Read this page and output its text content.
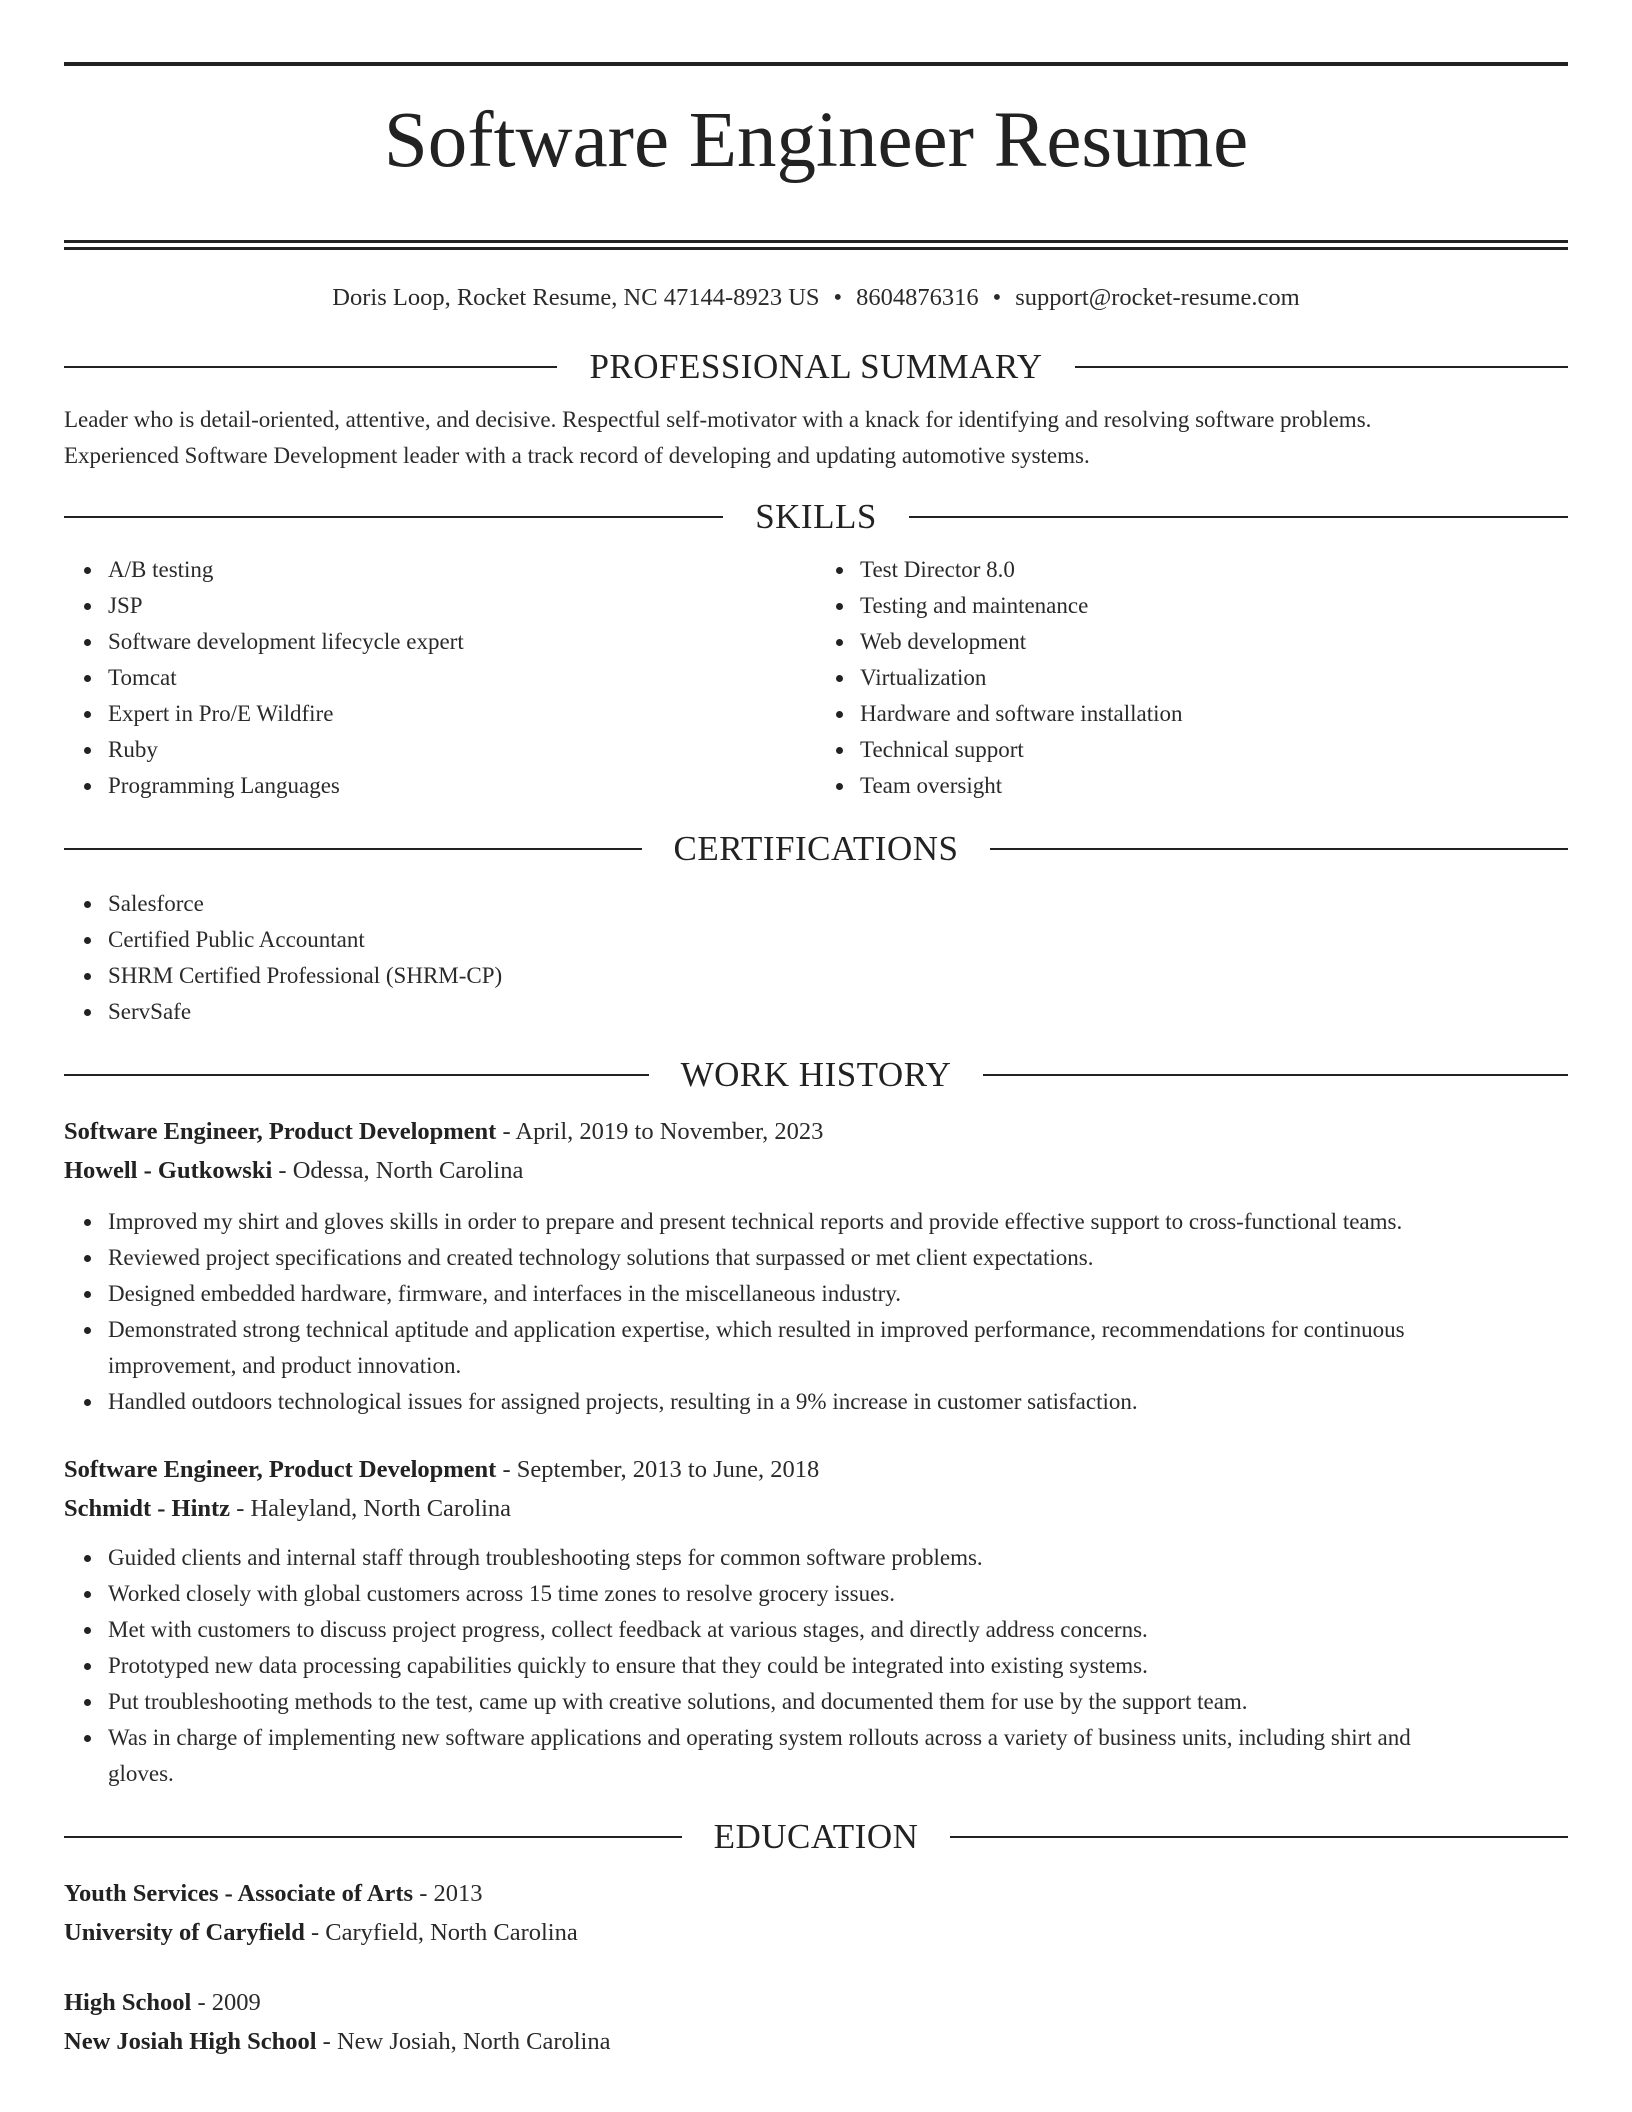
Software Engineer Resume
Doris Loop, Rocket Resume, NC 47144-8923 US • 8604876316 • support@rocket-resume.com
PROFESSIONAL SUMMARY

Leader who is detail-oriented, attentive, and decisive. Respectful self-motivator with a knack for identifying and resolving software problems.

Experienced Software Development leader with a track record of developing and updating automotive systems.

SKILLS
A/B testing
JSP
Software development lifecycle expert
Tomcat
Expert in Pro/E Wildfire
Ruby
Programming Languages
Test Director 8.0
Testing and maintenance
Web development
Virtualization
Hardware and software installation
Technical support
Team oversight
CERTIFICATIONS
Salesforce
Certified Public Accountant
SHRM Certified Professional (SHRM-CP)
ServSafe
WORK HISTORY
Software Engineer, Product Development - April, 2019 to November, 2023
Howell - Gutkowski - Odessa, North Carolina
Improved my shirt and gloves skills in order to prepare and present technical reports and provide effective support to cross-functional teams.
Reviewed project specifications and created technology solutions that surpassed or met client expectations.
Designed embedded hardware, firmware, and interfaces in the miscellaneous industry.
Demonstrated strong technical aptitude and application expertise, which resulted in improved performance, recommendations for continuous
improvement, and product innovation.
Handled outdoors technological issues for assigned projects, resulting in a 9% increase in customer satisfaction.
Software Engineer, Product Development - September, 2013 to June, 2018
Schmidt - Hintz - Haleyland, North Carolina
Guided clients and internal staff through troubleshooting steps for common software problems.
Worked closely with global customers across 15 time zones to resolve grocery issues.
Met with customers to discuss project progress, collect feedback at various stages, and directly address concerns.
Prototyped new data processing capabilities quickly to ensure that they could be integrated into existing systems.
Put troubleshooting methods to the test, came up with creative solutions, and documented them for use by the support team.
Was in charge of implementing new software applications and operating system rollouts across a variety of business units, including shirt and
gloves.
EDUCATION
Youth Services - Associate of Arts - 2013
University of Caryfield - Caryfield, North Carolina
High School - 2009
New Josiah High School - New Josiah, North Carolina
